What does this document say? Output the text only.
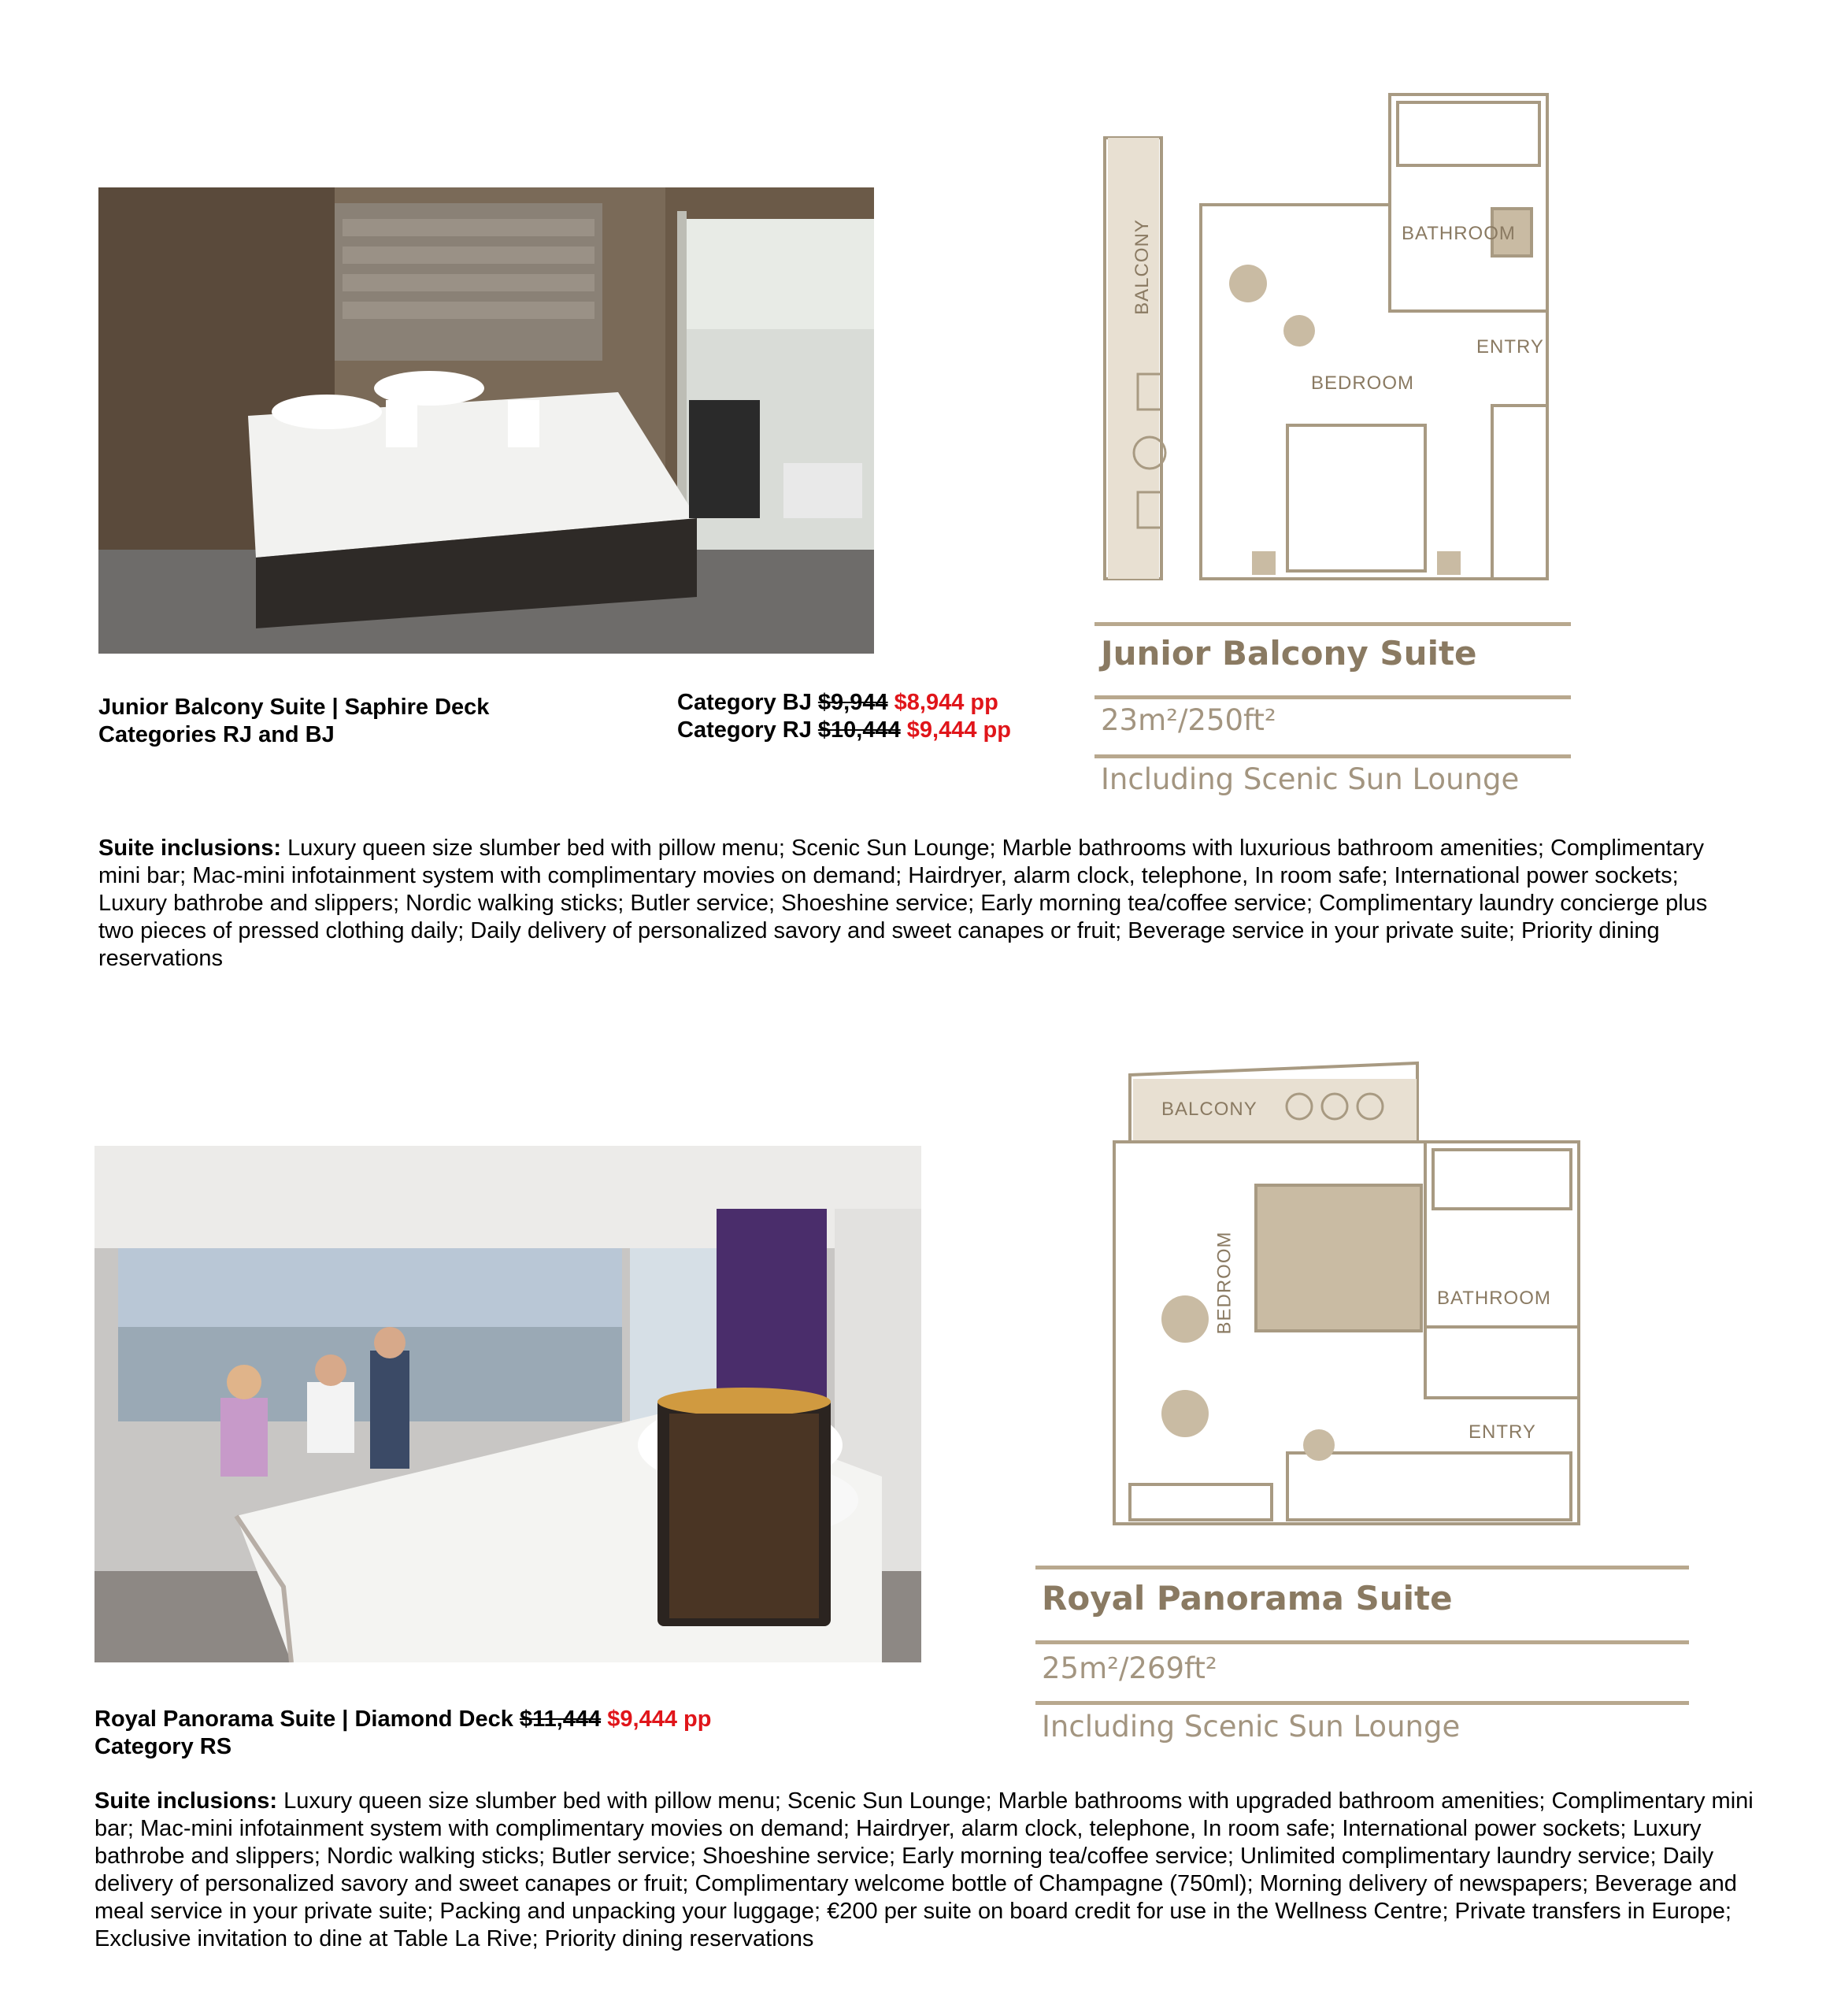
Junior Balcony Suite | Saphire Deck
Categories RJ and BJ
Category BJ $9,944 $8,944 pp
Category RJ $10,444 $9,444 pp
BALCONY	BATHROOM
ENTRY
BEDROOM
Junior Balcony Suite
23m²/250ft²
Including Scenic Sun Lounge
Suite inclusions: Luxury queen size slumber bed with pillow menu; Scenic Sun Lounge; Marble bathrooms with luxurious bathroom amenities; Complimentary mini bar; Mac-mini infotainment system with complimentary movies on demand; Hairdryer, alarm clock, telephone, In room safe; International power sockets; Luxury bathrobe and slippers; Nordic walking sticks; Butler service; Shoeshine service; Early morning tea/coffee service; Complimentary laundry concierge plus two pieces of pressed clothing daily; Daily delivery of personalized savory and sweet canapes or fruit; Beverage service in your private suite; Priority dining reservations
Royal Panorama Suite | Diamond Deck $11,444 $9,444 pp
Category RS
BALCONY
BEDROOM	BATHROOM
ENTRY
Royal Panorama Suite
25m²/269ft²
Including Scenic Sun Lounge
Suite inclusions: Luxury queen size slumber bed with pillow menu; Scenic Sun Lounge; Marble bathrooms with upgraded bathroom amenities; Complimentary mini bar; Mac-mini infotainment system with complimentary movies on demand; Hairdryer, alarm clock, telephone, In room safe; International power sockets; Luxury bathrobe and slippers; Nordic walking sticks; Butler service; Shoeshine service; Early morning tea/coffee service; Unlimited complimentary laundry service; Daily delivery of personalized savory and sweet canapes or fruit; Complimentary welcome bottle of Champagne (750ml); Morning delivery of newspapers; Beverage and meal service in your private suite; Packing and unpacking your luggage; €200 per suite on board credit for use in the Wellness Centre; Private transfers in Europe; Exclusive invitation to dine at Table La Rive; Priority dining reservations
